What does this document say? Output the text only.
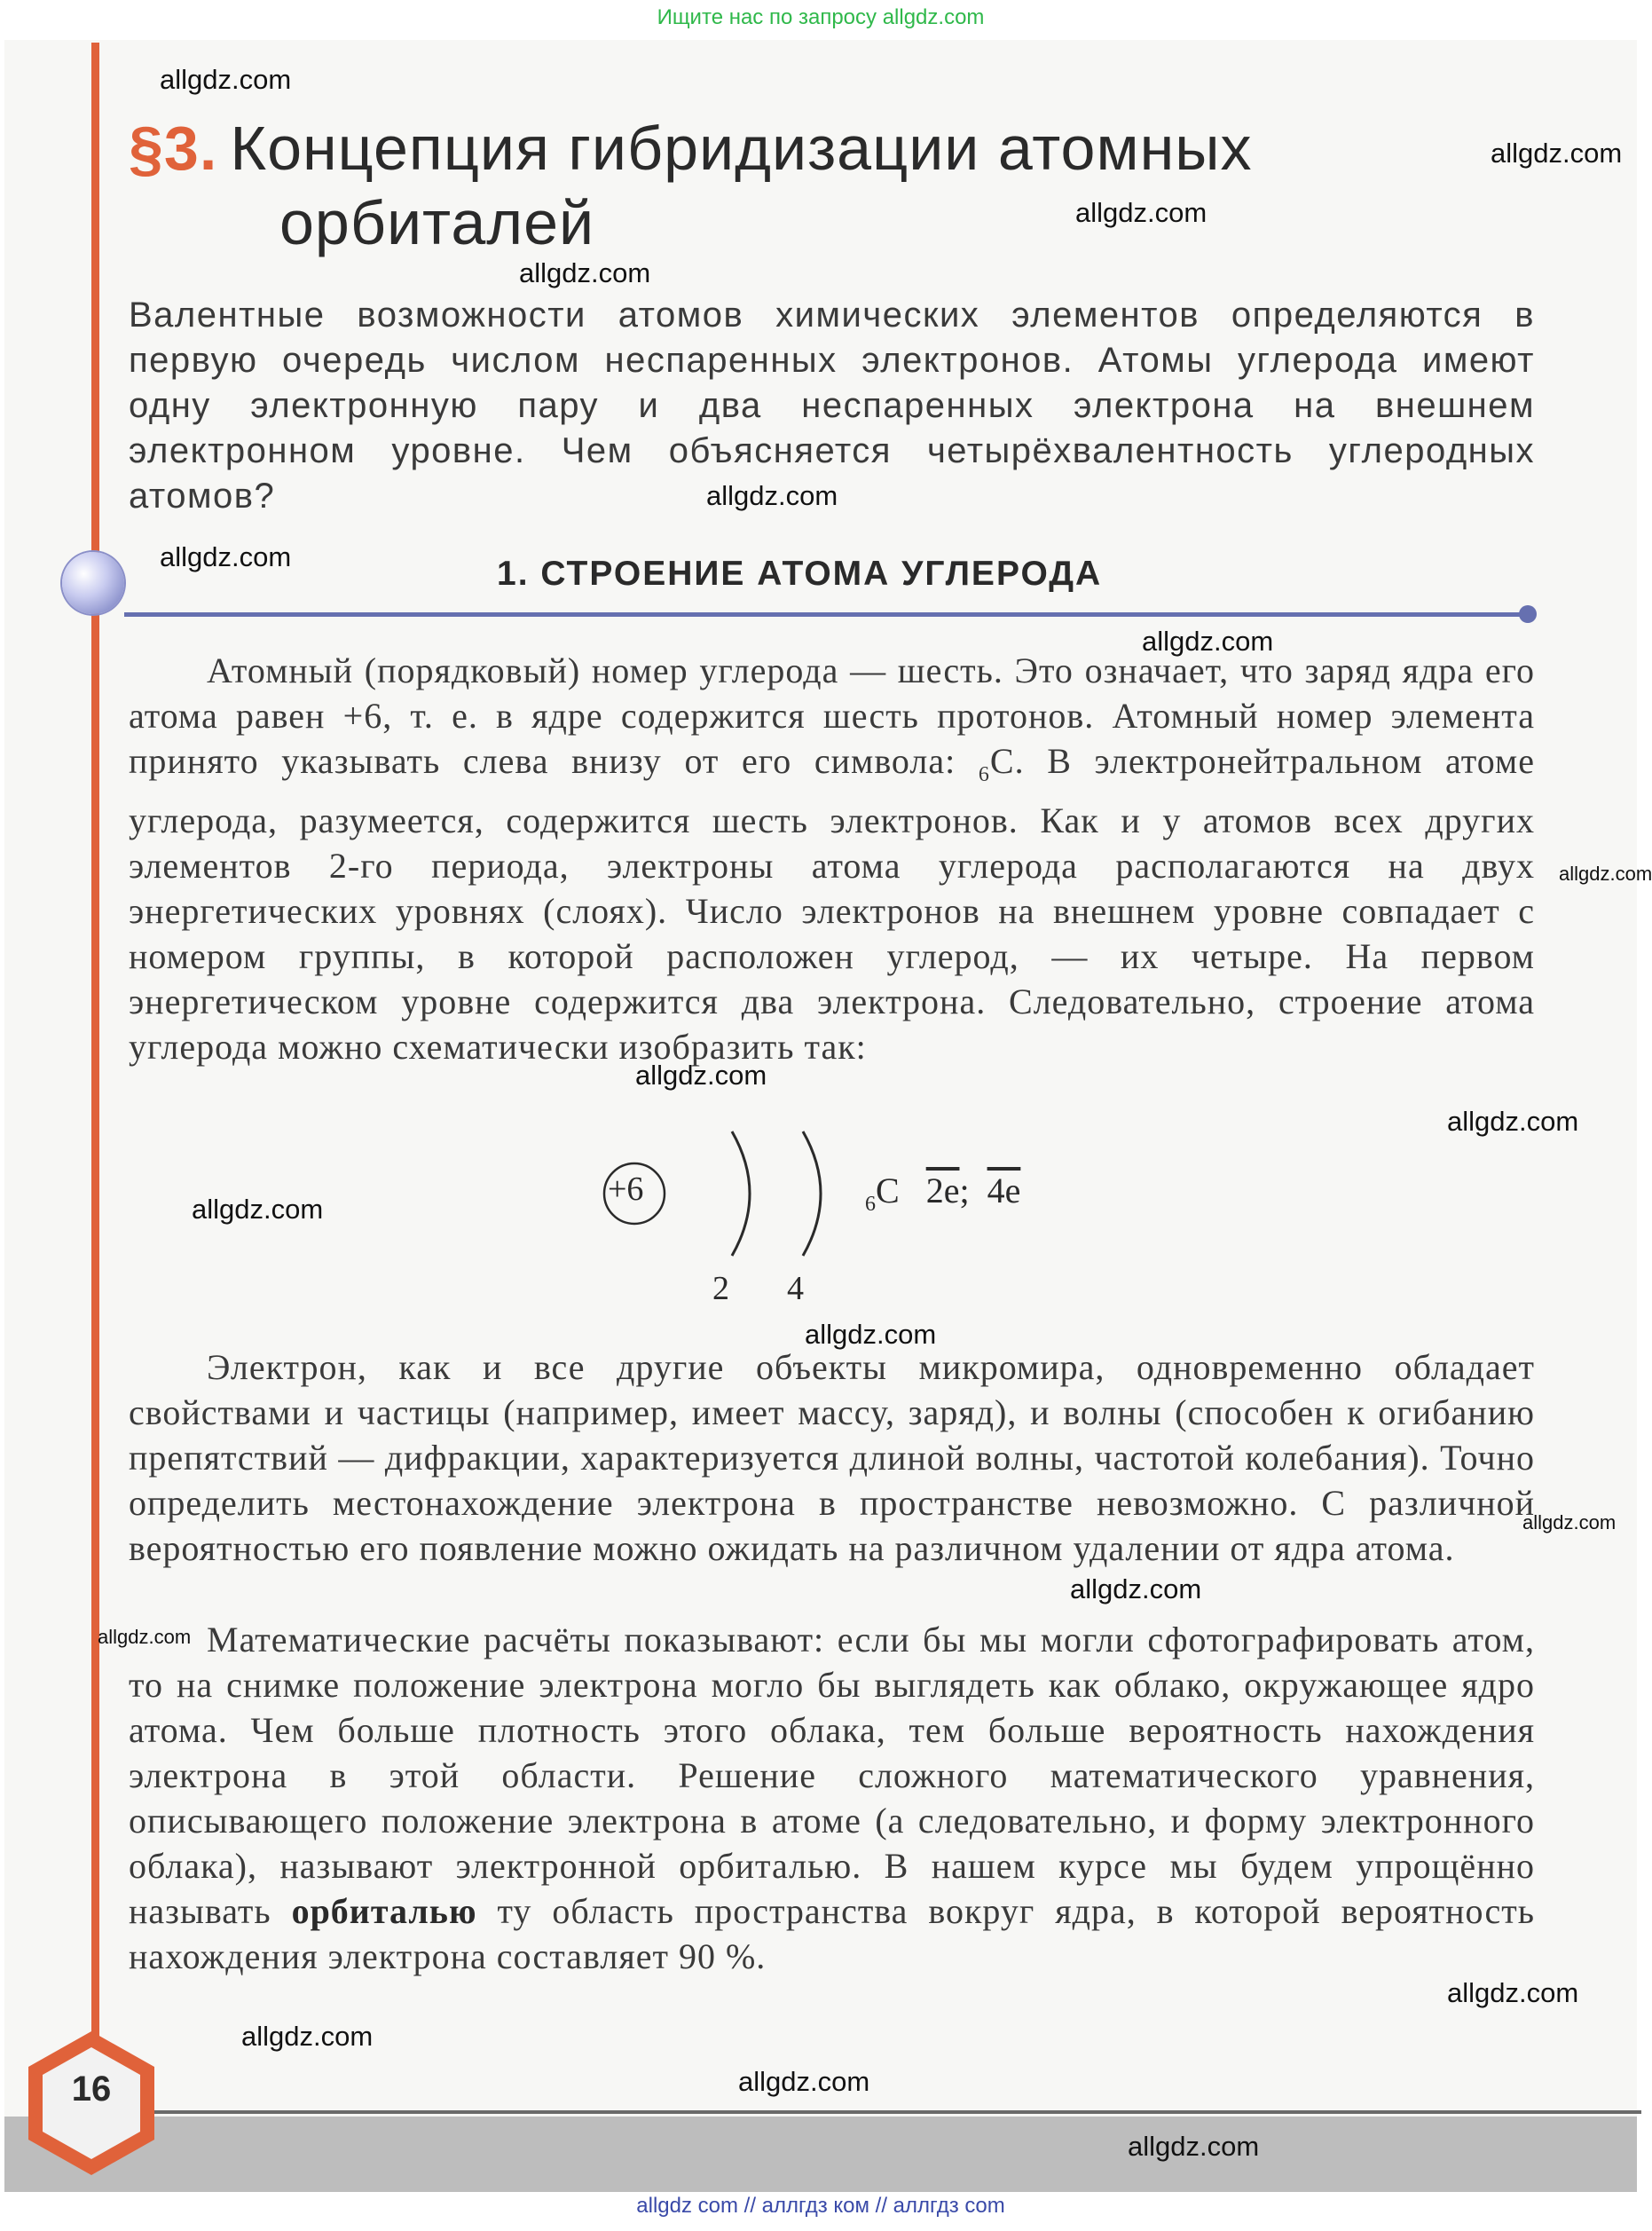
Ищите нас по запросу allgdz.com
§3. Концепция гибридизации атомных
орбиталей

Валентные возможности атомов химических элементов определяются в первую очередь числом неспаренных электронов. Атомы углерода имеют одну электронную пару и два неспаренных электрона на внешнем электронном уровне. Чем объясняется четырёхвалентность углеродных атомов?

1. СТРОЕНИЕ АТОМА УГЛЕРОДА

Атомный (порядковый) номер углерода — шесть. Это означает, что заряд ядра его атома равен +6, т. е. в ядре содержится шесть протонов. Атомный номер элемента принято указывать слева внизу от его символа: $_6$C. В электронейтральном атоме углерода, разумеется, содержится шесть электронов. Как и у атомов всех других элементов 2-го периода, электроны атома углерода располагаются на двух энергетических уровнях (слоях). Число электронов на внешнем уровне совпадает с номером группы, в которой расположен углерод, — их четыре. На первом энергетическом уровне содержится два электрона. Следовательно, строение атома углерода можно схематически изобразить так:

+6
2 4
$_6$C 2e; 4e

Электрон, как и все другие объекты микромира, одновременно обладает свойствами и частицы (например, имеет массу, заряд), и волны (способен к огибанию препятствий — дифракции, характеризуется длиной волны, частотой колебания). Точно определить местонахождение электрона в пространстве невозможно. С различной вероятностью его появление можно ожидать на различном удалении от ядра атома.

Математические расчёты показывают: если бы мы могли сфотографировать атом, то на снимке положение электрона могло бы выглядеть как облако, окружающее ядро атома. Чем больше плотность этого облака, тем больше вероятность нахождения электрона в этой области. Решение сложного математического уравнения, описывающего положение электрона в атоме (а следовательно, и форму электронного облака), называют электронной орбиталью. В нашем курсе мы будем упрощённо называть орбиталью ту область пространства вокруг ядра, в которой вероятность нахождения электрона составляет 90 %.

16
allgdz.com
allgdz.com
allgdz.com
allgdz.com
allgdz.com
allgdz.com
allgdz.com
allgdz.com
allgdz.com
allgdz.com
allgdz.com
allgdz.com
allgdz.com
allgdz.com
allgdz.com
allgdz.com
allgdz.com
allgdz.com
allgdz.com
allgdz com // аллгдз ком // аллгдз com
